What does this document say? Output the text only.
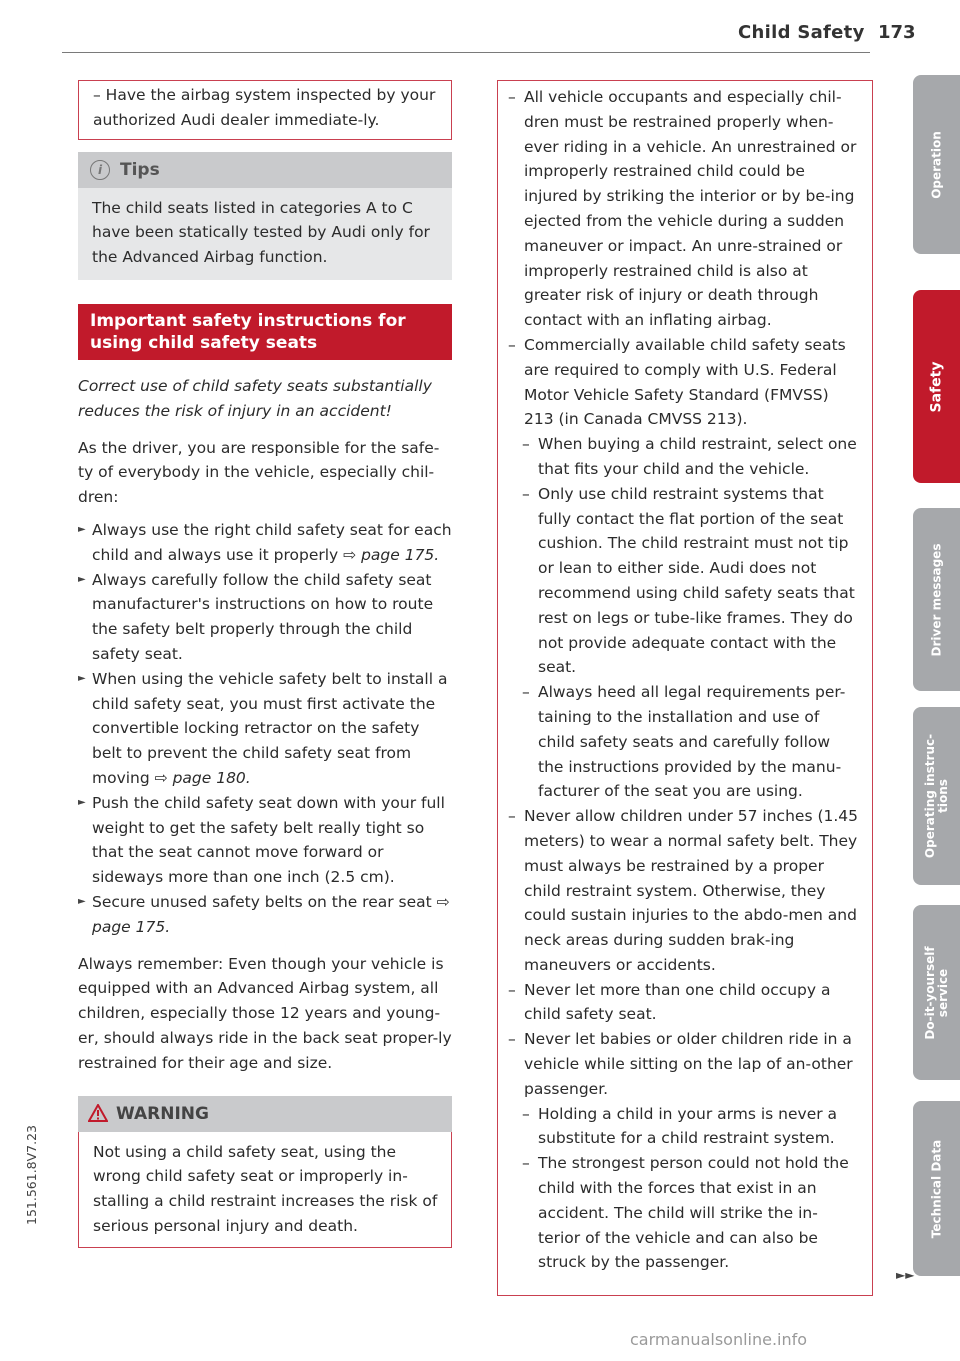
Child Safety 173
Operation
Safety
Driver messages
Operating instruc- tions
Do-it-yourself service
Technical Data

– Have the airbag system inspected by your authorized Audi dealer immediate-ly.

i	Tips

The child seats listed in categories A to C have been statically tested by Audi only for the Advanced Airbag function.

Important safety instructions for using child safety seats

Correct use of child safety seats substantially reduces the risk of injury in an accident!

As the driver, you are responsible for the safe-ty of everybody in the vehicle, especially chil-dren:

► Always use the right child safety seat for each child and always use it properly ⇨ page 175.
► Always carefully follow the child safety seat manufacturer's instructions on how to route the safety belt properly through the child safety seat.
► When using the vehicle safety belt to install a child safety seat, you must first activate the convertible locking retractor on the safety belt to prevent the child safety seat from moving ⇨ page 180.
► Push the child safety seat down with your full weight to get the safety belt really tight so that the seat cannot move forward or sideways more than one inch (2.5 cm).
► Secure unused safety belts on the rear seat ⇨ page 175.

Always remember: Even though your vehicle is equipped with an Advanced Airbag system, all children, especially those 12 years and young-er, should always ride in the back seat proper-ly restrained for their age and size.

WARNING

Not using a child safety seat, using the wrong child safety seat or improperly in-stalling a child restraint increases the risk of serious personal injury and death.

– All vehicle occupants and especially chil-dren must be restrained properly when-ever riding in a vehicle. An unrestrained or improperly restrained child could be injured by striking the interior or by be-ing ejected from the vehicle during a sudden maneuver or impact. An unre-strained or improperly restrained child is also at greater risk of injury or death through contact with an inflating airbag.
– Commercially available child safety seats are required to comply with U.S. Federal Motor Vehicle Safety Standard (FMVSS) 213 (in Canada CMVSS 213).
– When buying a child restraint, select one that fits your child and the vehicle.
– Only use child restraint systems that fully contact the flat portion of the seat cushion. The child restraint must not tip or lean to either side. Audi does not recommend using child safety seats that rest on legs or tube-like frames. They do not provide adequate contact with the seat.
– Always heed all legal requirements per-taining to the installation and use of child safety seats and carefully follow the instructions provided by the manu-facturer of the seat you are using.
– Never allow children under 57 inches (1.45 meters) to wear a normal safety belt. They must always be restrained by a proper child restraint system. Otherwise, they could sustain injuries to the abdo-men and neck areas during sudden brak-ing maneuvers or accidents.
– Never let more than one child occupy a child safety seat.
– Never let babies or older children ride in a vehicle while sitting on the lap of an-other passenger.
– Holding a child in your arms is never a substitute for a child restraint system.
– The strongest person could not hold the child with the forces that exist in an accident. The child will strike the in-terior of the vehicle and can also be struck by the passenger.
►►
151.561.8V7.23
carmanualsonline.info
